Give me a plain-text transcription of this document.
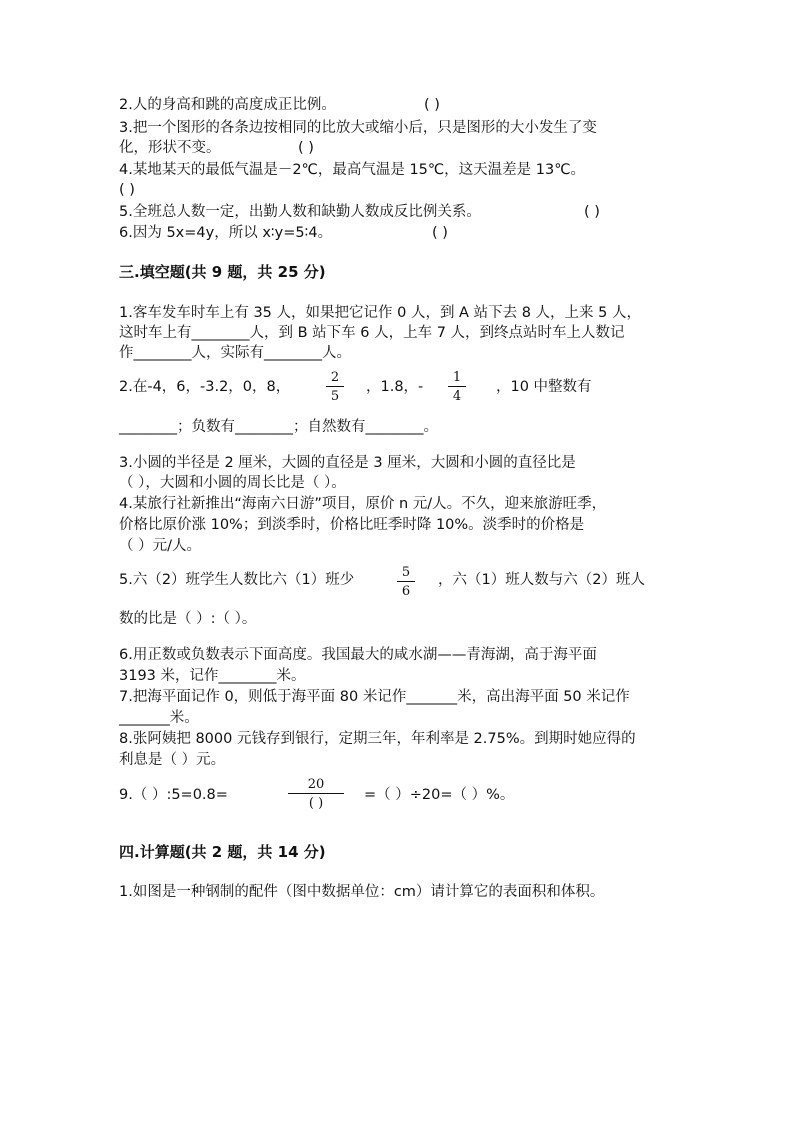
2.人的身高和跳的高度成正比例。	( )
3.把一个图形的各条边按相同的比放大或缩小后，只是图形的大小发生了变
化，形状不变。	( )
4.某地某天的最低气温是－2℃，最高气温是 15℃，这天温差是 13℃。
( )
5.全班总人数一定，出勤人数和缺勤人数成反比例关系。	( )
6.因为 5x=4y，所以 x∶y=5∶4。	( )
三.填空题(共 9 题，共 25 分)
1.客车发车时车上有 35 人，如果把它记作 0 人，到 A 站下去 8 人，上来 5 人，
这时车上有________人，到 B 站下车 6 人，上车 7 人，到终点站时车上人数记
作________人，实际有________人。
2.在-4，6，-3.2，0，8，
2
5
，1.8，-
1
4
，10 中整数有
________；负数有________；自然数有________。
3.小圆的半径是 2 厘米，大圆的直径是 3 厘米，大圆和小圆的直径比是
（ ），大圆和小圆的周长比是（ ）。
4.某旅行社新推出“海南六日游”项目，原价 n 元/人。不久，迎来旅游旺季，
价格比原价涨 10%；到淡季时，价格比旺季时降 10%。淡季时的价格是
（ ）元/人。
5.六（2）班学生人数比六（1）班少	5
6
，六（1）班人数与六（2）班人
数的比是（ ）:（ ）。
6.用正数或负数表示下面高度。我国最大的咸水湖——青海湖，高于海平面
3193 米，记作________米。
7.把海平面记作 0，则低于海平面 80 米记作_______米，高出海平面 50 米记作
_______米。
8.张阿姨把 8000 元钱存到银行，定期三年，年利率是 2.75%。到期时她应得的
利息是（ ）元。
9.（ ）:5=0.8=
20
( )
=（ ）÷20=（ ）%。
四.计算题(共 2 题，共 14 分)
1.如图是一种钢制的配件（图中数据单位：cm）请计算它的表面积和体积。
